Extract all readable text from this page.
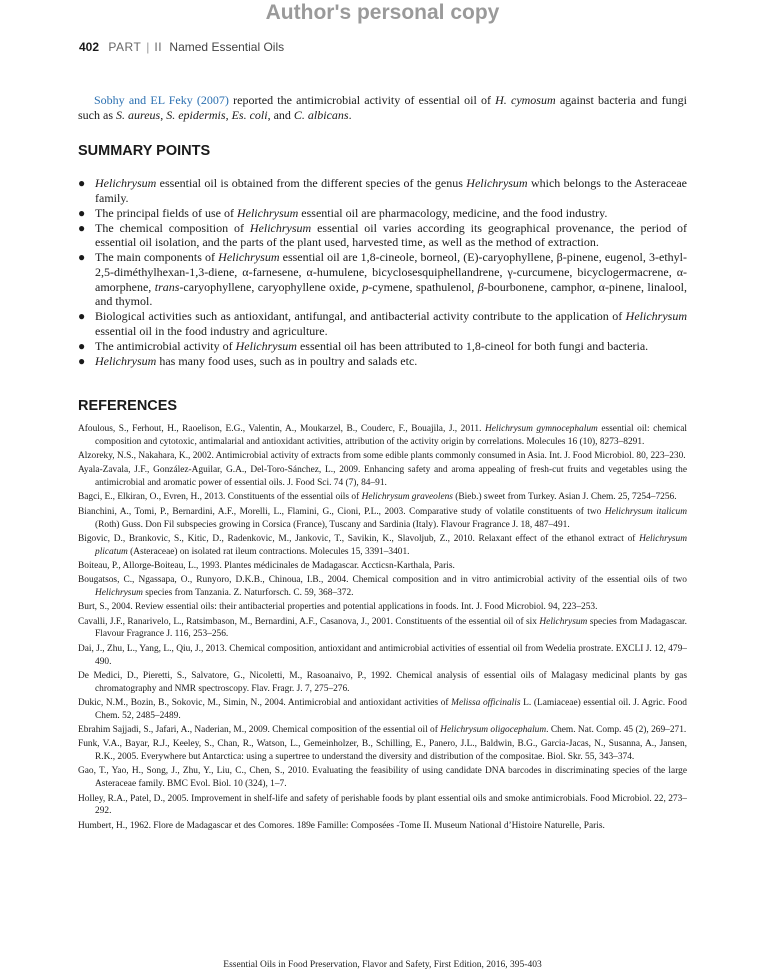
Author's personal copy
402 PART | II Named Essential Oils

Sobhy and EL Feky (2007) reported the antimicrobial activity of essential oil of H. cymosum against bacteria and fungi such as S. aureus, S. epidermis, Es. coli, and C. albicans.

SUMMARY POINTS
● Helichrysum essential oil is obtained from the different species of the genus Helichrysum which belongs to the Asteraceae family.
● The principal fields of use of Helichrysum essential oil are pharmacology, medicine, and the food industry.
● The chemical composition of Helichrysum essential oil varies according its geographical provenance, the period of essential oil isolation, and the parts of the plant used, harvested time, as well as the method of extraction.
● The main components of Helichrysum essential oil are 1,8-cineole, borneol, (E)-caryophyllene, β-pinene, eugenol, 3-ethyl-2,5-diméthylhexan-1,3-diene, α-farnesene, α-humulene, bicyclosesquiphellandrene, γ-curcumene, bicyclogermacrene, α-amorphene, trans-caryophyllene, caryophyllene oxide, p-cymene, spathulenol, β-bourbonene, camphor, α-pinene, linalool, and thymol.
● Biological activities such as antioxidant, antifungal, and antibacterial activity contribute to the application of Helichrysum essential oil in the food industry and agriculture.
● The antimicrobial activity of Helichrysum essential oil has been attributed to 1,8-cineol for both fungi and bacteria.
● Helichrysum has many food uses, such as in poultry and salads etc.
REFERENCES

Afoulous, S., Ferhout, H., Raoelison, E.G., Valentin, A., Moukarzel, B., Couderc, F., Bouajila, J., 2011. Helichrysum gymnocephalum essential oil: chemical composition and cytotoxic, antimalarial and antioxidant activities, attribution of the activity origin by correlations. Molecules 16 (10), 8273–8291.

Alzoreky, N.S., Nakahara, K., 2002. Antimicrobial activity of extracts from some edible plants commonly consumed in Asia. Int. J. Food Microbiol. 80, 223–230.

Ayala-Zavala, J.F., González-Aguilar, G.A., Del-Toro-Sánchez, L., 2009. Enhancing safety and aroma appealing of fresh-cut fruits and vegetables using the antimicrobial and aromatic power of essential oils. J. Food Sci. 74 (7), 84–91.

Bagci, E., Elkiran, O., Evren, H., 2013. Constituents of the essential oils of Helichrysum graveolens (Bieb.) sweet from Turkey. Asian J. Chem. 25, 7254–7256.

Bianchini, A., Tomi, P., Bernardini, A.F., Morelli, L., Flamini, G., Cioni, P.L., 2003. Comparative study of volatile constituents of two Helichrysum italicum (Roth) Guss. Don Fil subspecies growing in Corsica (France), Tuscany and Sardinia (Italy). Flavour Fragrance J. 18, 487–491.

Bigovic, D., Brankovic, S., Kitic, D., Radenkovic, M., Jankovic, T., Savikin, K., Slavoljub, Z., 2010. Relaxant effect of the ethanol extract of Helichrysum plicatum (Asteraceae) on isolated rat ileum contractions. Molecules 15, 3391–3401.

Boiteau, P., Allorge-Boiteau, L., 1993. Plantes médicinales de Madagascar. Accticsn-Karthala, Paris.

Bougatsos, C., Ngassapa, O., Runyoro, D.K.B., Chinoua, I.B., 2004. Chemical composition and in vitro antimicrobial activity of the essential oils of two Helichrysum species from Tanzania. Z. Naturforsch. C. 59, 368–372.

Burt, S., 2004. Review essential oils: their antibacterial properties and potential applications in foods. Int. J. Food Microbiol. 94, 223–253.

Cavalli, J.F., Ranarivelo, L., Ratsimbason, M., Bernardini, A.F., Casanova, J., 2001. Constituents of the essential oil of six Helichrysum species from Madagascar. Flavour Fragrance J. 116, 253–256.

Dai, J., Zhu, L., Yang, L., Qiu, J., 2013. Chemical composition, antioxidant and antimicrobial activities of essential oil from Wedelia prostrate. EXCLI J. 12, 479–490.

De Medici, D., Pieretti, S., Salvatore, G., Nicoletti, M., Rasoanaivo, P., 1992. Chemical analysis of essential oils of Malagasy medicinal plants by gas chromatography and NMR spectroscopy. Flav. Fragr. J. 7, 275–276.

Dukic, N.M., Bozin, B., Sokovic, M., Simin, N., 2004. Antimicrobial and antioxidant activities of Melissa officinalis L. (Lamiaceae) essential oil. J. Agric. Food Chem. 52, 2485–2489.

Ebrahim Sajjadi, S., Jafari, A., Naderian, M., 2009. Chemical composition of the essential oil of Helichrysum oligocephalum. Chem. Nat. Comp. 45 (2), 269–271.

Funk, V.A., Bayar, R.J., Keeley, S., Chan, R., Watson, L., Gemeinholzer, B., Schilling, E., Panero, J.L., Baldwin, B.G., Garcia-Jacas, N., Susanna, A., Jansen, R.K., 2005. Everywhere but Antarctica: using a supertree to understand the diversity and distribution of the compositae. Biol. Skr. 55, 343–374.

Gao, T., Yao, H., Song, J., Zhu, Y., Liu, C., Chen, S., 2010. Evaluating the feasibility of using candidate DNA barcodes in discriminating species of the large Asteraceae family. BMC Evol. Biol. 10 (324), 1–7.

Holley, R.A., Patel, D., 2005. Improvement in shelf-life and safety of perishable foods by plant essential oils and smoke antimicrobials. Food Microbiol. 22, 273–292.

Humbert, H., 1962. Flore de Madagascar et des Comores. 189e Famille: Composées -Tome II. Museum National d’Histoire Naturelle, Paris.

Essential Oils in Food Preservation, Flavor and Safety, First Edition, 2016, 395-403
